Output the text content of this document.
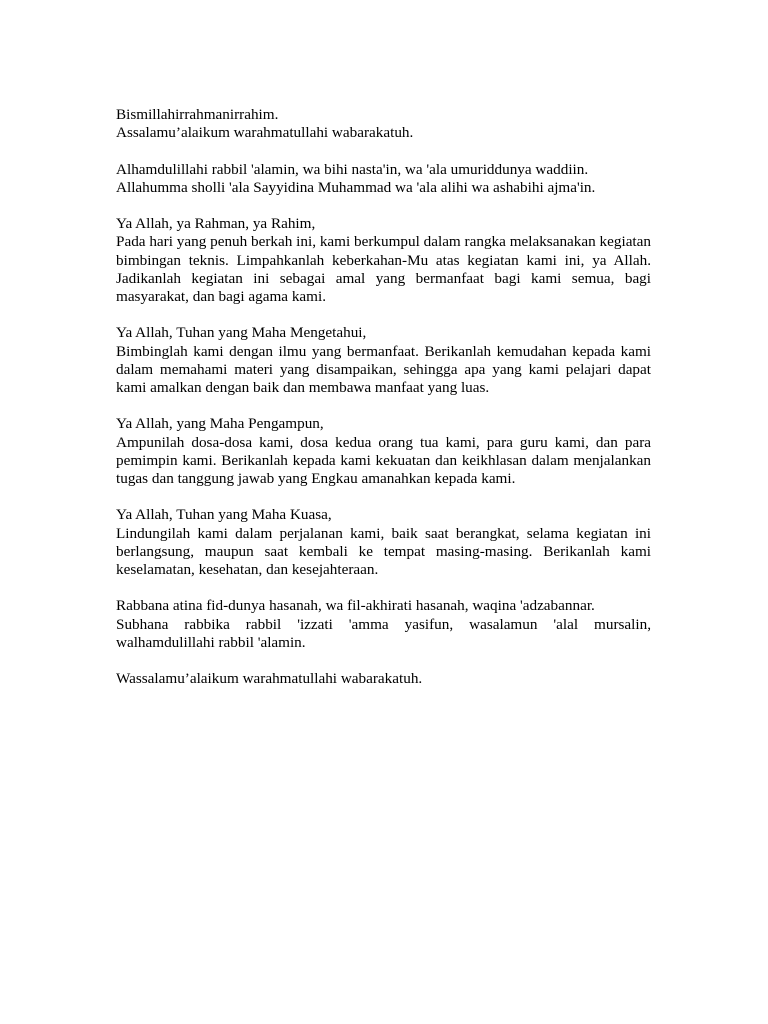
Bismillahirrahmanirrahim.
Assalamu’alaikum warahmatullahi wabarakatuh.

Alhamdulillahi rabbil 'alamin, wa bihi nasta'in, wa 'ala umuriddunya waddiin.
Allahumma sholli 'ala Sayyidina Muhammad wa 'ala alihi wa ashabihi ajma'in.

Ya Allah, ya Rahman, ya Rahim,
Pada hari yang penuh berkah ini, kami berkumpul dalam rangka melaksanakan kegiatan bimbingan teknis. Limpahkanlah keberkahan-Mu atas kegiatan kami ini, ya Allah. Jadikanlah kegiatan ini sebagai amal yang bermanfaat bagi kami semua, bagi masyarakat, dan bagi agama kami.

Ya Allah, Tuhan yang Maha Mengetahui,
Bimbinglah kami dengan ilmu yang bermanfaat. Berikanlah kemudahan kepada kami dalam memahami materi yang disampaikan, sehingga apa yang kami pelajari dapat kami amalkan dengan baik dan membawa manfaat yang luas.

Ya Allah, yang Maha Pengampun,
Ampunilah dosa-dosa kami, dosa kedua orang tua kami, para guru kami, dan para pemimpin kami. Berikanlah kepada kami kekuatan dan keikhlasan dalam menjalankan tugas dan tanggung jawab yang Engkau amanahkan kepada kami.

Ya Allah, Tuhan yang Maha Kuasa,
Lindungilah kami dalam perjalanan kami, baik saat berangkat, selama kegiatan ini berlangsung, maupun saat kembali ke tempat masing-masing. Berikanlah kami keselamatan, kesehatan, dan kesejahteraan.

Rabbana atina fid-dunya hasanah, wa fil-akhirati hasanah, waqina 'adzabannar.
Subhana rabbika rabbil 'izzati 'amma yasifun, wasalamun 'alal mursalin, walhamdulillahi rabbil 'alamin.

Wassalamu’alaikum warahmatullahi wabarakatuh.
